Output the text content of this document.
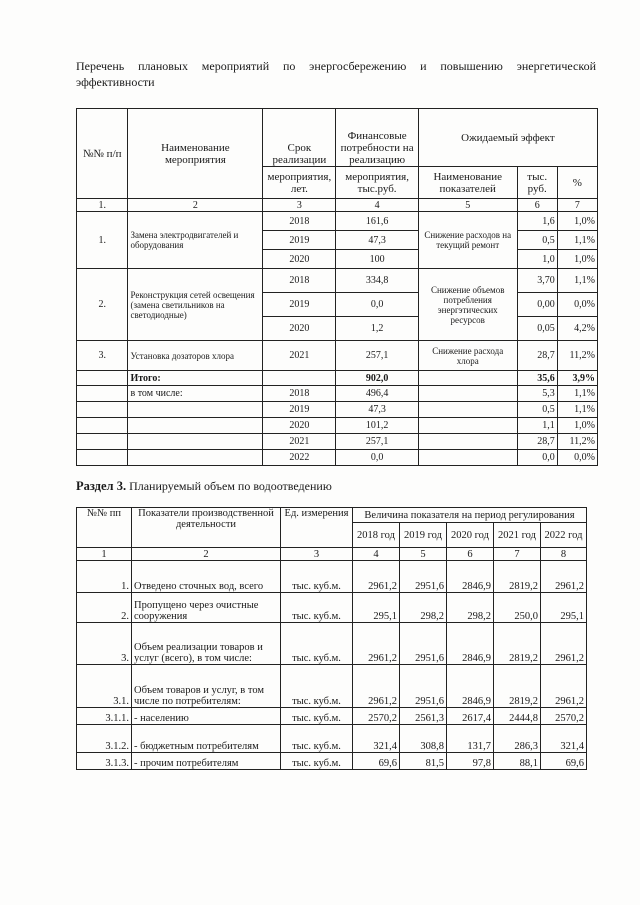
Перечень плановых мероприятий по энергосбережению и повышению энергетической эффективности
№№ п/п	Наименование мероприятия	Срок реализации	Финансовые потребности на реализацию	Ожидаемый эффект		
		мероприятия, лет.	мероприятия, тыс.руб.	Наименование показателей	тыс. руб.	%
1.	2	3	4	5	6	7
1.	Замена электродвигателей и оборудования	2018	161,6	Снижение расходов на текущий ремонт	1,6	1,0%
		2019	47,3		0,5	1,1%
		2020	100		1,0	1,0%
2.	Реконструкция сетей освещения (замена светильников на светодиодные)	2018	334,8	Снижение объемов потребления энергэтических ресурсов	3,70	1,1%
		2019	0,0		0,00	0,0%
		2020	1,2		0,05	4,2%
3.	Установка дозаторов хлора	2021	257,1	Снижение расхода хлора	28,7	11,2%
	Итого:		902,0		35,6	3,9%
	в том числе:	2018	496,4		5,3	1,1%
		2019	47,3		0,5	1,1%
		2020	101,2		1,1	1,0%
		2021	257,1		28,7	11,2%
		2022	0,0		0,0	0,0%
Раздел 3. Планируемый объем по водоотведению
№№ пп	Показатели производственной деятельности	Ед. измерения	Величина показателя на период регулирования				
			2018 год	2019 год	2020 год	2021 год	2022 год
1	2	3	4	5	6	7	8
1.	Отведено сточных вод, всего	тыс. куб.м.	2961,2	2951,6	2846,9	2819,2	2961,2
2.	Пропущено через очистные сооружения	тыс. куб.м.	295,1	298,2	298,2	250,0	295,1
3.	Объем реализации товаров и услуг (всего), в том числе:	тыс. куб.м.	2961,2	2951,6	2846,9	2819,2	2961,2
3.1.	Объем товаров и услуг, в том числе по потребителям:	тыс. куб.м.	2961,2	2951,6	2846,9	2819,2	2961,2
3.1.1.	- населению	тыс. куб.м.	2570,2	2561,3	2617,4	2444,8	2570,2
3.1.2.	- бюджетным потребителям	тыс. куб.м.	321,4	308,8	131,7	286,3	321,4
3.1.3.	- прочим потребителям	тыс. куб.м.	69,6	81,5	97,8	88,1	69,6
